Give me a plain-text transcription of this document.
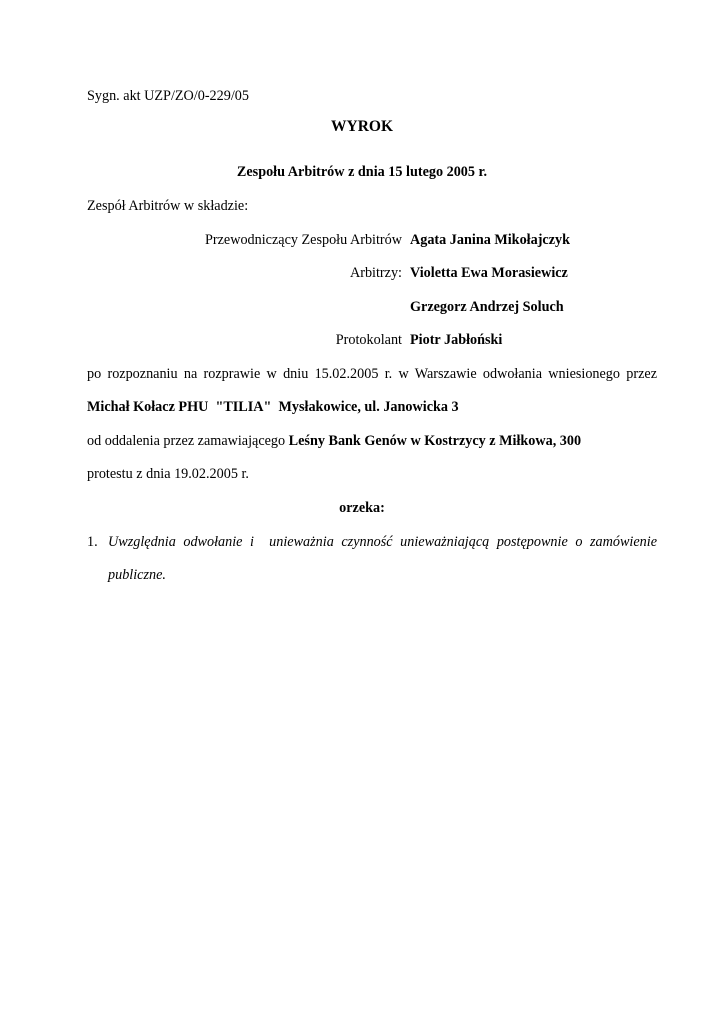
Sygn. akt UZP/ZO/0-229/05
WYROK
Zespołu Arbitrów z dnia 15 lutego 2005 r.
Zespół Arbitrów w składzie:
Przewodniczący Zespołu Arbitrów Agata Janina Mikołajczyk
Arbitrzy: Violetta Ewa Morasiewicz
Grzegorz Andrzej Soluch
Protokolant Piotr Jabłoński
po rozpoznaniu na rozprawie w dniu 15.02.2005 r. w Warszawie odwołania wniesionego przez
Michał Kołacz PHU  "TILIA"  Mysłakowice, ul. Janowicka 3
od oddalenia przez zamawiającego Leśny Bank Genów w Kostrzycy z Miłkowa, 300
protestu z dnia 19.02.2005 r.
orzeka:
1. Uwzględnia odwołanie i  unieważnia czynność unieważniającą postępownie o zamówienie
publiczne.
